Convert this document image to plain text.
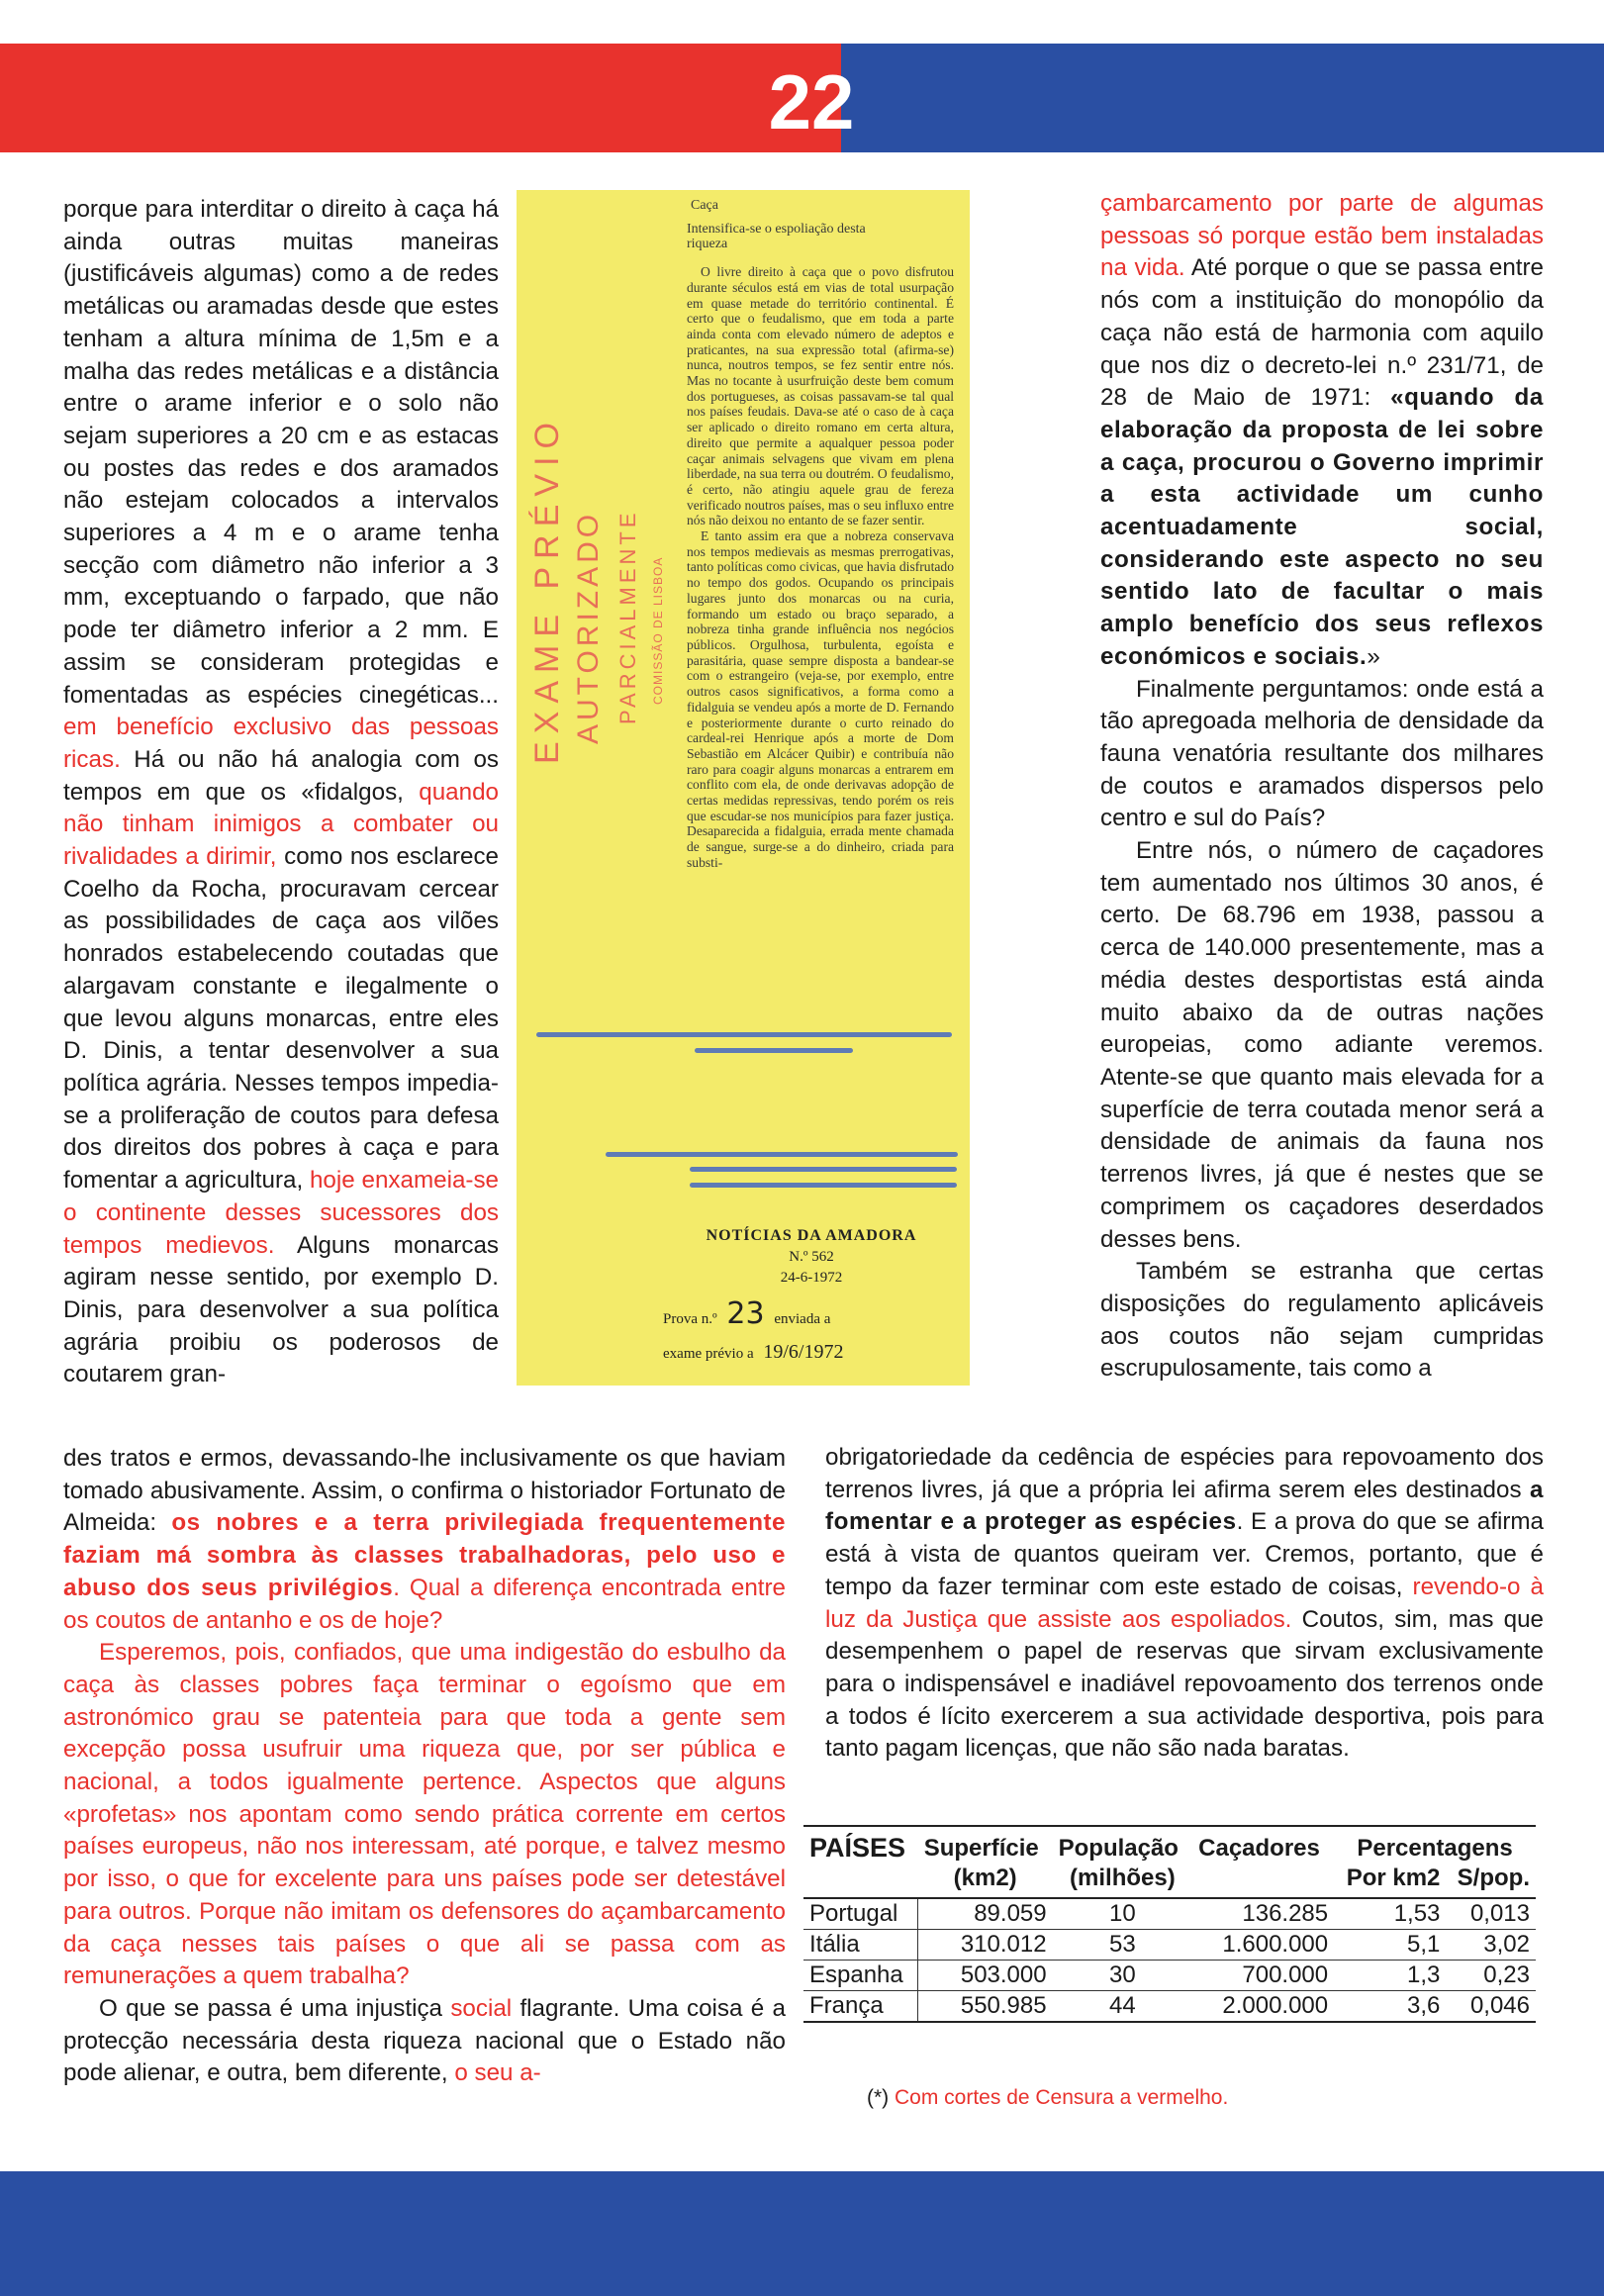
22

porque para interditar o direito à caça há ainda outras muitas maneiras (justificáveis algumas) como a de redes metálicas ou aramadas desde que estes tenham a altura mínima de 1,5m e a malha das redes metálicas e a distância entre o arame inferior e o solo não sejam superiores a 20 cm e as estacas ou postes das redes e dos aramados não estejam colocados a intervalos superiores a 4 m e o arame tenha secção com diâmetro não inferior a 3 mm, exceptuando o farpado, que não pode ter diâmetro inferior a 2 mm. E assim se consideram protegidas e fomentadas as espécies cinegéticas... em benefício exclusivo das pessoas ricas. Há ou não há analogia com os tempos em que os «fidalgos, quando não tinham inimigos a combater ou rivalidades a dirimir, como nos esclarece Coelho da Rocha, procuravam cercear as possibilidades de caça aos vilões honrados estabelecendo coutadas que alargavam constante e ilegalmente o que levou alguns monarcas, entre eles D. Dinis, a tentar desenvolver a sua política agrária. Nesses tempos impedia-se a proliferação de coutos para defesa dos direitos dos pobres à caça e para fomentar a agricultura, hoje enxameia-se o continente desses sucessores dos tempos medievos. Alguns monarcas agiram nesse sentido, por exemplo D. Dinis, para desenvolver a sua política agrária proibiu os poderosos de coutarem gran-

EXAME PRÉVIO AUTORIZADO PARCIALMENTE COMISSÃO DE LISBOA

Caça

Intensifica-se o espoliação desta riqueza

O livre direito à caça que o povo disfrutou durante séculos está em vias de total usurpação em quase metade do território continental. É certo que o feudalismo, que em toda a parte ainda conta com elevado número de adeptos e praticantes, na sua expressão total (afirma-se) nunca, noutros tempos, se fez sentir entre nós. Mas no tocante à usurfruição deste bem comum dos portugueses, as coisas passavam-se tal qual nos países feudais. Dava-se até o caso de à caça ser aplicado o direito romano em certa altura, direito que permite a aqualquer pessoa poder caçar animais selvagens que vivam em plena liberdade, na sua terra ou doutrém. O feudalismo, é certo, não atingiu aquele grau de fereza verificado noutros países, mas o seu influxo entre nós não deixou no entanto de se fazer sentir.

E tanto assim era que a nobreza conservava nos tempos medievais as mesmas prerrogativas, tanto políticas como civicas, que havia disfrutado no tempo dos godos. Ocupando os principais lugares junto dos monarcas ou na curia, formando um estado ou braço separado, a nobreza tinha grande influência nos negócios públicos. Orgulhosa, turbulenta, egoísta e parasitária, quase sempre disposta a bandear-se com o estrangeiro (veja-se, por exemplo, entre outros casos significativos, a forma como a fidalguia se vendeu após a morte de D. Fernando e posteriormente durante o curto reinado do cardeal-rei Henrique após a morte de Dom Sebastião em Alcácer Quibir) e contribuía não raro para coagir alguns monarcas a entrarem em conflito com ela, de onde derivavas adopção de certas medidas repressivas, tendo porém os reis que escudar-se nos municípios para fazer justiça. Desaparecida a fidalguia, errada mente chamada de sangue, surge-se a do dinheiro, criada para substi-

NOTÍCIAS DA AMADORA
N.º 562
24-6-1972
Prova n.º 23 enviada a
exame prévio a 19/6/1972

çambarcamento por parte de algumas pessoas só porque estão bem instaladas na vida. Até porque o que se passa entre nós com a instituição do monopólio da caça não está de harmonia com aquilo que nos diz o decreto-lei n.º 231/71, de 28 de Maio de 1971: «quando da elaboração da proposta de lei sobre a caça, procurou o Governo imprimir a esta actividade um cunho acentuadamente social, considerando este aspecto no seu sentido lato de facultar o mais amplo benefício dos seus reflexos económicos e sociais.»

Finalmente perguntamos: onde está a tão apregoada melhoria de densidade da fauna venatória resultante dos milhares de coutos e aramados dispersos pelo centro e sul do País?

Entre nós, o número de caçadores tem aumentado nos últimos 30 anos, é certo. De 68.796 em 1938, passou a cerca de 140.000 presentemente, mas a média destes desportistas está ainda muito abaixo da de outras nações europeias, como adiante veremos. Atente-se que quanto mais elevada for a superfície de terra coutada menor será a densidade de animais da fauna nos terrenos livres, já que é nestes que se comprimem os caçadores deserdados desses bens.

Também se estranha que certas disposições do regulamento aplicáveis aos coutos não sejam cumpridas escrupulosamente, tais como a

des tratos e ermos, devassando-lhe inclusivamente os que haviam tomado abusivamente. Assim, o confirma o historiador Fortunato de Almeida: os nobres e a terra privilegiada frequentemente faziam má sombra às classes trabalhadoras, pelo uso e abuso dos seus privilégios. Qual a diferença encontrada entre os coutos de antanho e os de hoje?

Esperemos, pois, confiados, que uma indigestão do esbulho da caça às classes pobres faça terminar o egoísmo que em astronómico grau se patenteia para que toda a gente sem excepção possa usufruir uma riqueza que, por ser pública e nacional, a todos igualmente pertence. Aspectos que alguns «profetas» nos apontam como sendo prática corrente em certos países europeus, não nos interessam, até porque, e talvez mesmo por isso, o que for excelente para uns países pode ser detestável para outros. Porque não imitam os defensores do açambarcamento da caça nesses tais países o que ali se passa com as remunerações a quem trabalha?

O que se passa é uma injustiça social flagrante. Uma coisa é a protecção necessária desta riqueza nacional que o Estado não pode alienar, e outra, bem diferente, o seu a-

obrigatoriedade da cedência de espécies para repovoamento dos terrenos livres, já que a própria lei afirma serem eles destinados a fomentar e a proteger as espécies. E a prova do que se afirma está à vista de quantos queiram ver. Cremos, portanto, que é tempo da fazer terminar com este estado de coisas, revendo-o à luz da Justiça que assiste aos espoliados. Coutos, sim, mas que desempenhem o papel de reservas que sirvam exclusivamente para o indispensável e inadiável repovoamento dos terrenos onde a todos é lícito exercerem a sua actividade desportiva, pois para tanto pagam licenças, que não são nada baratas.

PAÍSES	Superfície	População	Caçadores	Percentagens	
	(km2)	(milhões)		Por km2	S/pop.
Portugal	89.059	10	136.285	1,53	0,013
Itália	310.012	53	1.600.000	5,1	3,02
Espanha	503.000	30	700.000	1,3	0,23
França	550.985	44	2.000.000	3,6	0,046
(*) Com cortes de Censura a vermelho.
